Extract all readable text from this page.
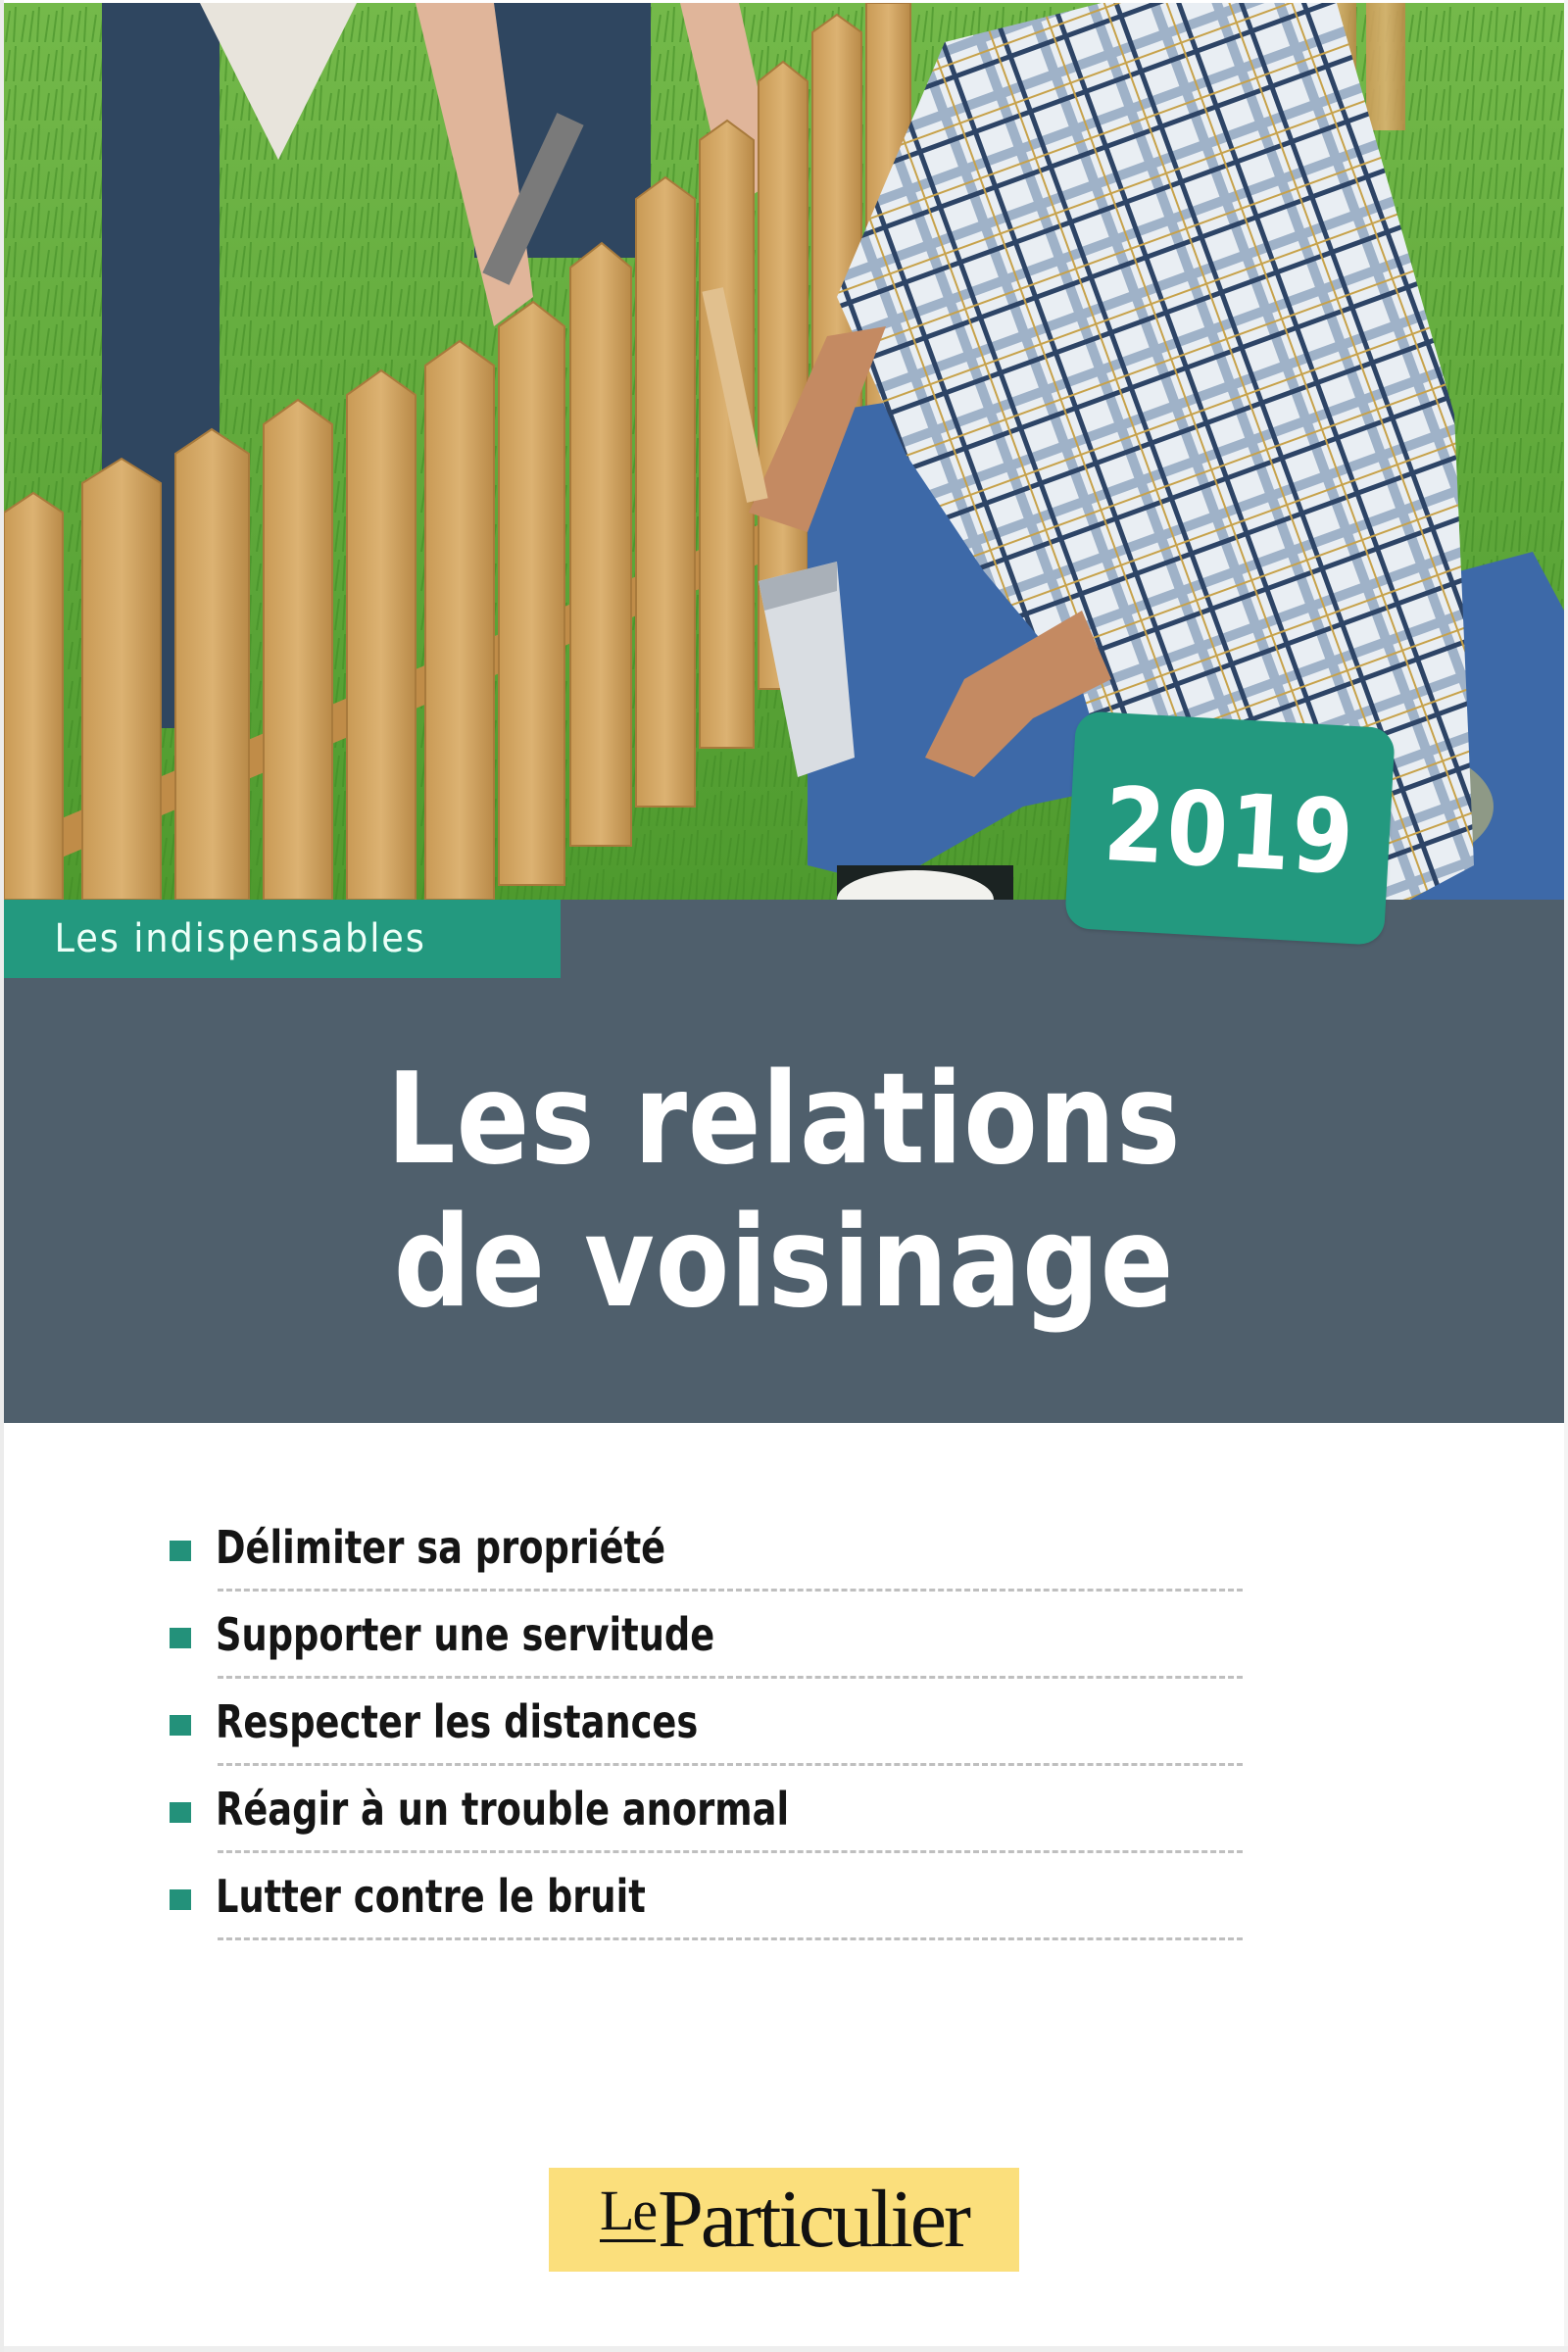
Les indispensables
2019
Les relations
de voisinage
Délimiter sa propriété
Supporter une servitude
Respecter les distances
Réagir à un trouble anormal
Lutter contre le bruit
Le Particulier
